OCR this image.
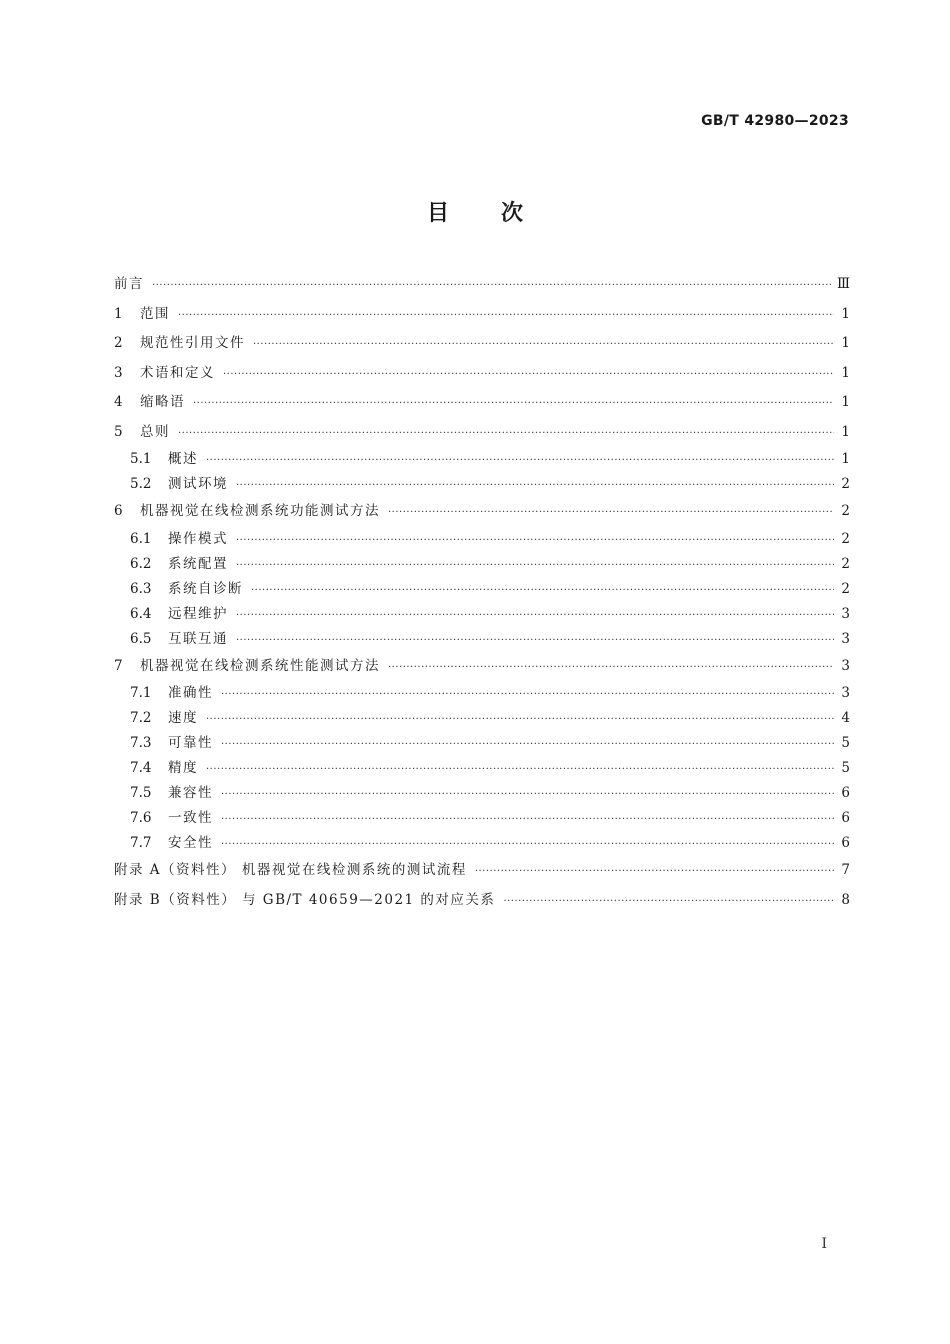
GB/T 42980—2023
目 次
前言 ·····	Ⅲ
1	范围 ·····	1
2	规范性引用文件 ·····	1
3	术语和定义 ·····	1
4	缩略语 ·····	1
5	总则 ·····	1
5.1	概述 ·····	1
5.2	测试环境 ·····	2
6	机器视觉在线检测系统功能测试方法 ·····	2
6.1	操作模式 ·····	2
6.2	系统配置 ·····	2
6.3	系统自诊断 ·····	2
6.4	远程维护 ·····	3
6.5	互联互通 ·····	3
7	机器视觉在线检测系统性能测试方法 ·····	3
7.1	准确性 ·····	3
7.2	速度 ·····	4
7.3	可靠性 ·····	5
7.4	精度 ·····	5
7.5	兼容性 ·····	6
7.6	一致性 ·····	6
7.7	安全性 ·····	6
附录 A（资料性） 机器视觉在线检测系统的测试流程 ·····	7
附录 B（资料性） 与 GB/T 40659—2021 的对应关系 ·····	8
I
